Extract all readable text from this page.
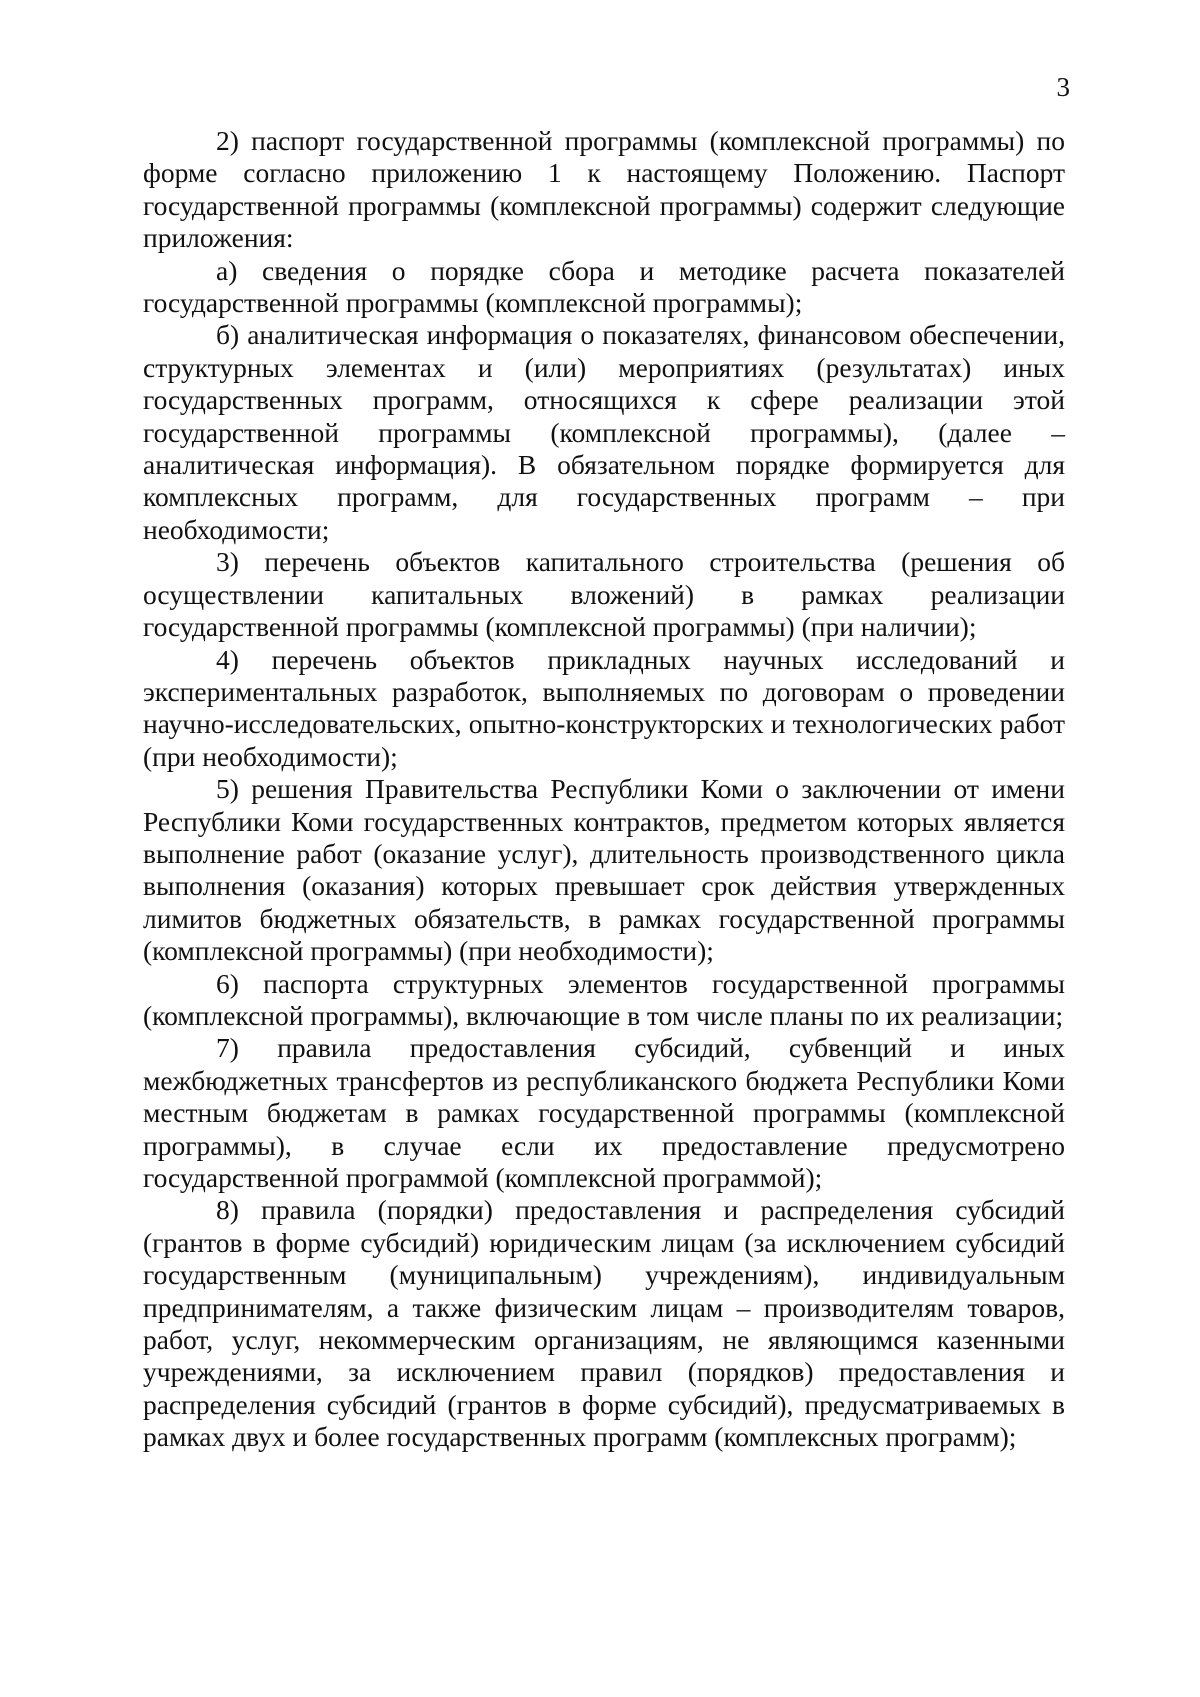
3

2) паспорт государственной программы (комплексной программы) по форме согласно приложению 1 к настоящему Положению. Паспорт государственной программы (комплексной программы) содержит следующие приложения:

а) сведения о порядке сбора и методике расчета показателей государственной программы (комплексной программы);

б) аналитическая информация о показателях, финансовом обеспечении, структурных элементах и (или) мероприятиях (результатах) иных государственных программ, относящихся к сфере реализации этой государственной программы (комплексной программы), (далее – аналитическая информация). В обязательном порядке формируется для комплексных программ, для государственных программ – при необходимости;

3) перечень объектов капитального строительства (решения об осуществлении капитальных вложений) в рамках реализации государственной программы (комплексной программы) (при наличии);

4) перечень объектов прикладных научных исследований и экспериментальных разработок, выполняемых по договорам о проведении научно-исследовательских, опытно-конструкторских и технологических работ (при необходимости);

5) решения Правительства Республики Коми о заключении от имени Республики Коми государственных контрактов, предметом которых является выполнение работ (оказание услуг), длительность производственного цикла выполнения (оказания) которых превышает срок действия утвержденных лимитов бюджетных обязательств, в рамках государственной программы (комплексной программы) (при необходимости);

6) паспорта структурных элементов государственной программы (комплексной программы), включающие в том числе планы по их реализации;

7) правила предоставления субсидий, субвенций и иных межбюджетных трансфертов из республиканского бюджета Республики Коми местным бюджетам в рамках государственной программы (комплексной программы), в случае если их предоставление предусмотрено государственной программой (комплексной программой);

8) правила (порядки) предоставления и распределения субсидий (грантов в форме субсидий) юридическим лицам (за исключением субсидий государственным (муниципальным) учреждениям), индивидуальным предпринимателям, а также физическим лицам – производителям товаров, работ, услуг, некоммерческим организациям, не являющимся казенными учреждениями, за исключением правил (порядков) предоставления и распределения субсидий (грантов в форме субсидий), предусматриваемых в рамках двух и более государственных программ (комплексных программ);
